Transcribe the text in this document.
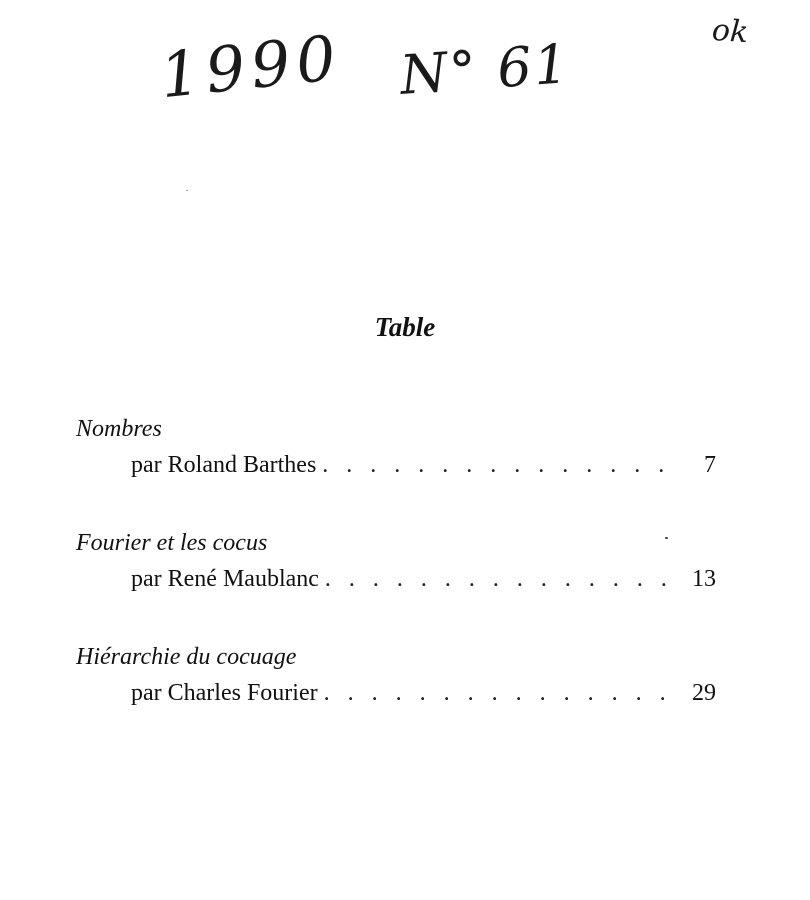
1990 N° 61
ok
Table
Nombres
par Roland Barthes . . .	7
Fourier et les cocus
par René Maublanc . . .	13
Hiérarchie du cocuage
par Charles Fourier . . .	29
